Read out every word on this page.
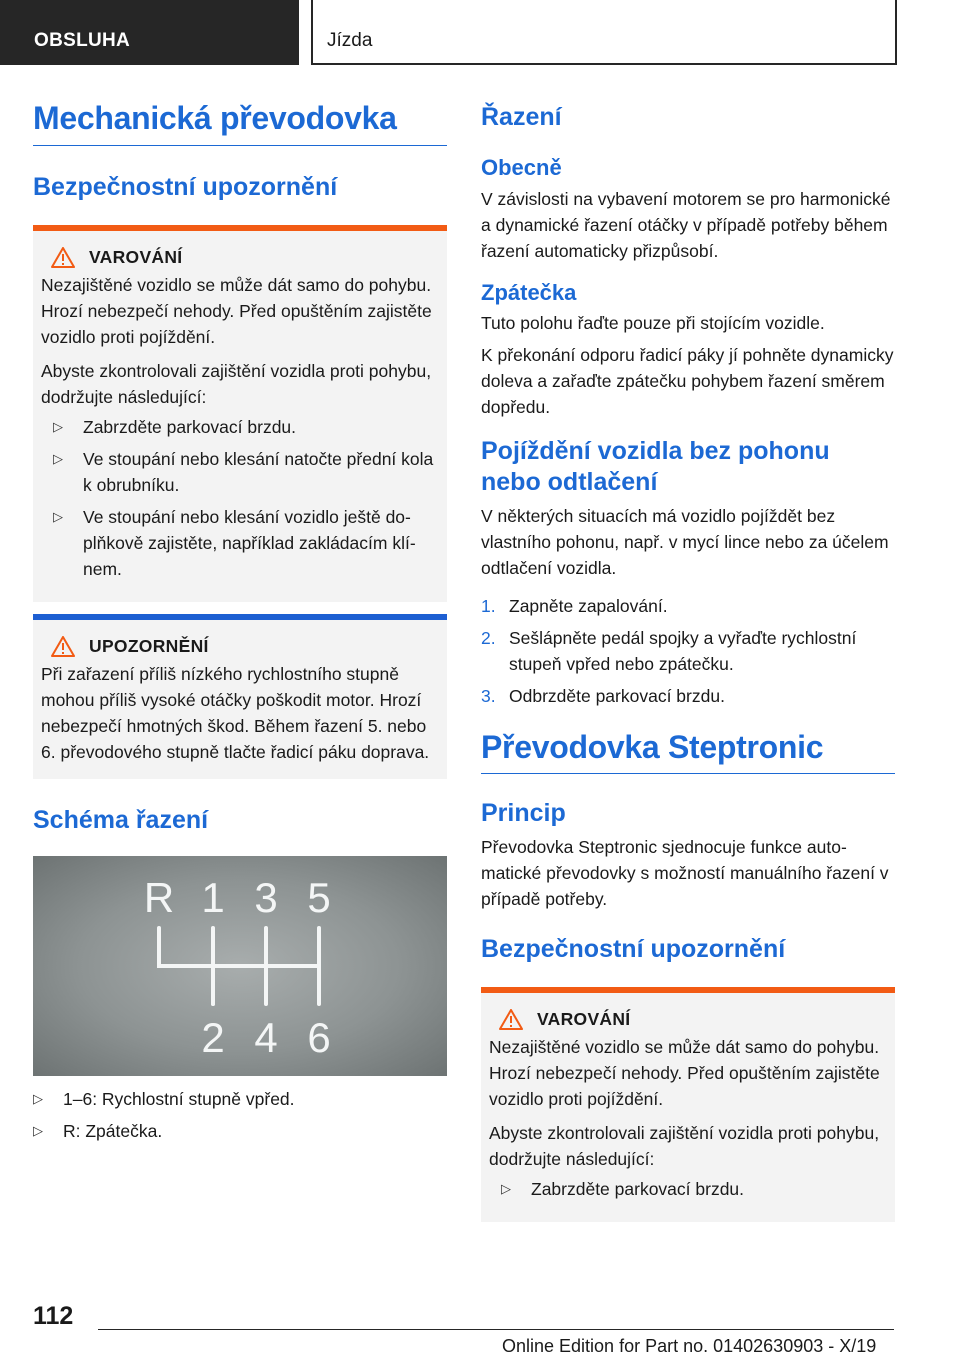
OBSLUHA	Jízda
Mechanická převodovka
Bezpečnostní upozornění
VAROVÁNÍ

Nezajištěné vozidlo se může dát samo do pohybu. Hrozí nebezpečí nehody. Před opuštěním zajistěte vozidlo proti pojíždění.

Abyste zkontrolovali zajištění vozidla proti pohybu, dodržujte následující:

▷ Zabrzděte parkovací brzdu.
▷ Ve stoupání nebo klesání natočte přední kola k obrubníku.
▷ Ve stoupání nebo klesání vozidlo ještě doplňkově zajistěte, například zakládacím klínem.
UPOZORNĚNÍ

Při zařazení příliš nízkého rychlostního stupně mohou příliš vysoké otáčky poškodit motor. Hrozí nebezpečí hmotných škod. Během řazení 5. nebo 6. převodového stupně tlačte řadicí páku doprava.

Schéma řazení
R 1 3 5
2 4 6
▷ 1–6: Rychlostní stupně vpřed.
▷ R: Zpátečka.
Řazení
Obecně

V závislosti na vybavení motorem se pro harmonické a dynamické řazení otáčky v případě potřeby během řazení automaticky přizpůsobí.

Zpátečka

Tuto polohu řaďte pouze při stojícím vozidle.

K překonání odporu řadicí páky jí pohněte dynamicky doleva a zařaďte zpátečku pohybem řazení směrem dopředu.

Pojíždění vozidla bez pohonu nebo odtlačení

V některých situacích má vozidlo pojíždět bez vlastního pohonu, např. v mycí lince nebo za účelem odtlačení vozidla.

1. Zapněte zapalování.
2. Sešlápněte pedál spojky a vyřaďte rychlostní stupeň vpřed nebo zpátečku.
3. Odbrzděte parkovací brzdu.
Převodovka Steptronic
Princip

Převodovka Steptronic sjednocuje funkce automatické převodovky s možností manuálního řazení v případě potřeby.

Bezpečnostní upozornění
VAROVÁNÍ

Nezajištěné vozidlo se může dát samo do pohybu. Hrozí nebezpečí nehody. Před opuštěním zajistěte vozidlo proti pojíždění.

Abyste zkontrolovali zajištění vozidla proti pohybu, dodržujte následující:

▷ Zabrzděte parkovací brzdu.
112
Online Edition for Part no. 01402630903 - X/19
